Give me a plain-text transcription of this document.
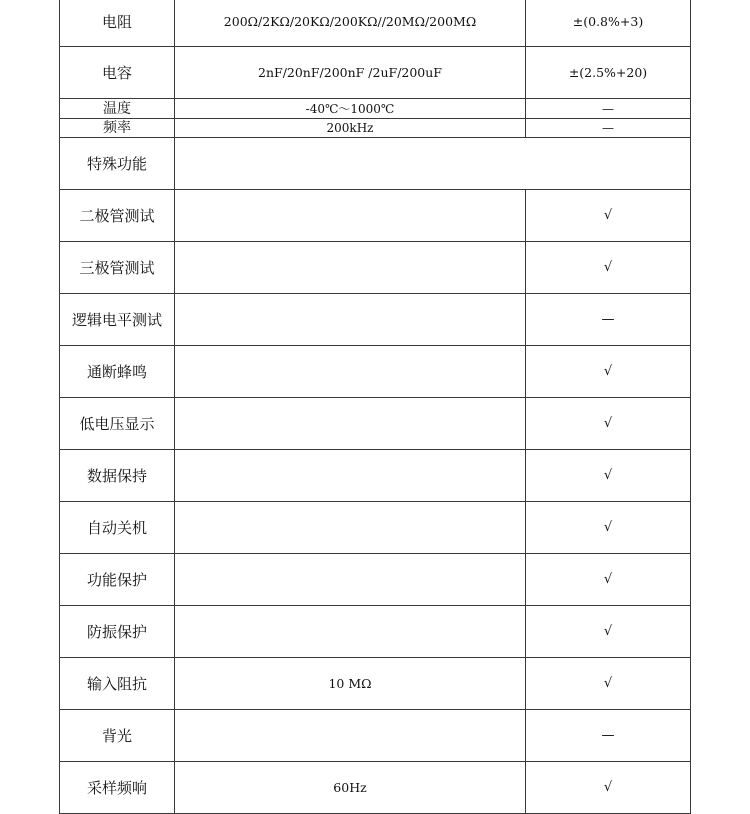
电阻	200Ω/2KΩ/20KΩ/200KΩ//20MΩ/200MΩ	±(0.8%+3)
电容	2nF/20nF/200nF /2uF/200uF	±(2.5%+20)
温度	-40℃～1000℃	—
频率	200kHz	—
特殊功能		
二极管测试		√
三极管测试		√
逻辑电平测试		—
通断蜂鸣		√
低电压显示		√
数据保持		√
自动关机		√
功能保护		√
防振保护		√
输入阻抗	10 MΩ	√
背光		—
采样频响	60Hz	√
